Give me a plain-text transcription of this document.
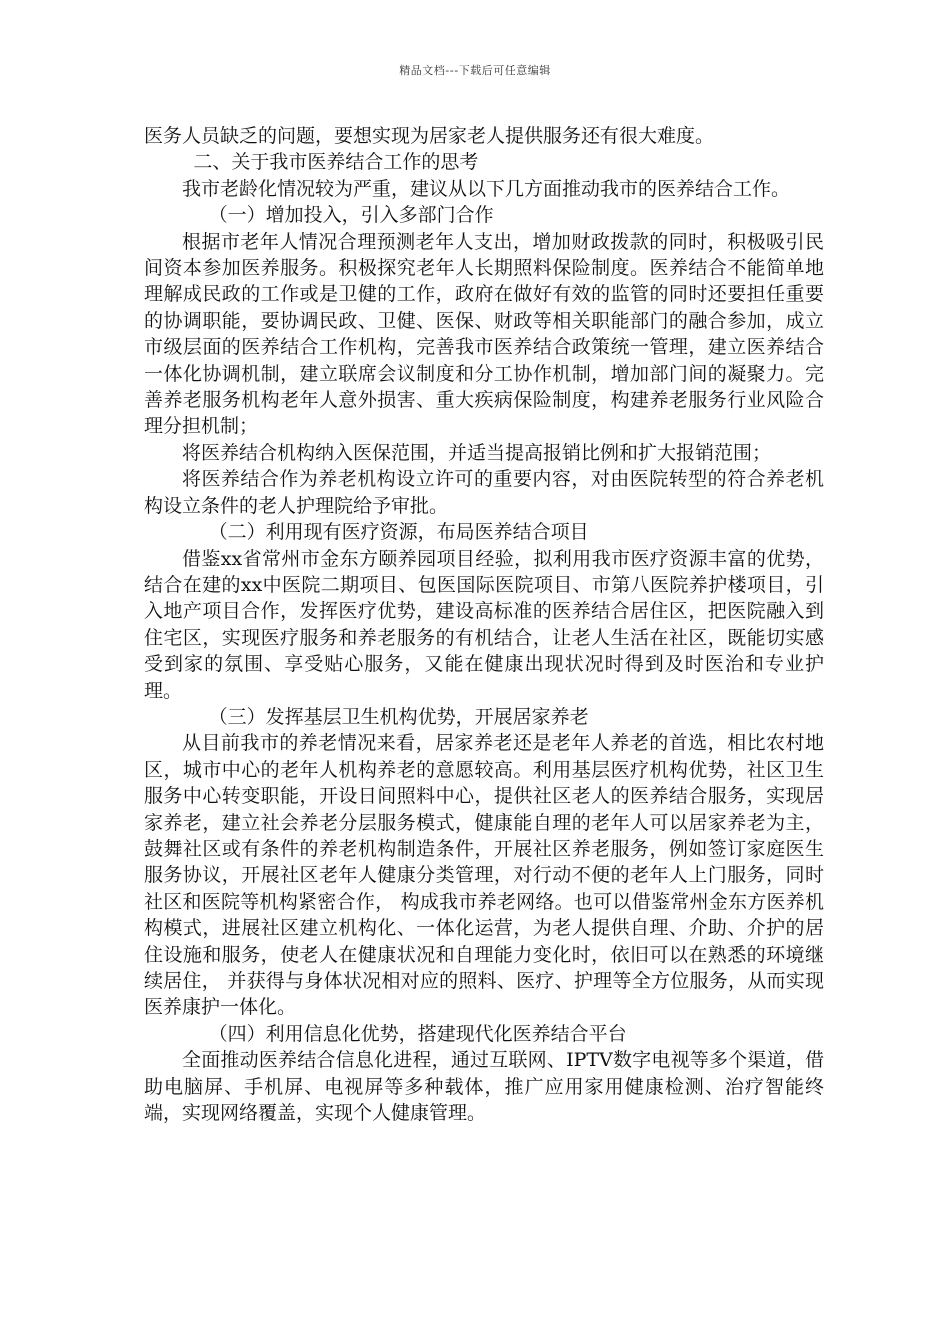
精品文档---下载后可任意编辑

医务人员缺乏的问题，要想实现为居家老人提供服务还有很大难度。

二、关于我市医养结合工作的思考

我市老龄化情况较为严重，建议从以下几方面推动我市的医养结合工作。

（一）增加投入，引入多部门合作

根据市老年人情况合理预测老年人支出，增加财政拨款的同时，积极吸引民间资本参加医养服务。积极探究老年人长期照料保险制度。医养结合不能简单地理解成民政的工作或是卫健的工作，政府在做好有效的监管的同时还要担任重要的协调职能，要协调民政、卫健、医保、财政等相关职能部门的融合参加，成立市级层面的医养结合工作机构，完善我市医养结合政策统一管理，建立医养结合一体化协调机制，建立联席会议制度和分工协作机制，增加部门间的凝聚力。完善养老服务机构老年人意外损害、重大疾病保险制度，构建养老服务行业风险合理分担机制；

将医养结合机构纳入医保范围，并适当提高报销比例和扩大报销范围；

将医养结合作为养老机构设立许可的重要内容，对由医院转型的符合养老机构设立条件的老人护理院给予审批。

（二）利用现有医疗资源，布局医养结合项目

借鉴xx省常州市金东方颐养园项目经验，拟利用我市医疗资源丰富的优势，结合在建的xx中医院二期项目、包医国际医院项目、市第八医院养护楼项目，引入地产项目合作，发挥医疗优势，建设高标准的医养结合居住区，把医院融入到住宅区，实现医疗服务和养老服务的有机结合，让老人生活在社区，既能切实感受到家的氛围、享受贴心服务，又能在健康出现状况时得到及时医治和专业护理。

（三）发挥基层卫生机构优势，开展居家养老

从目前我市的养老情况来看，居家养老还是老年人养老的首选，相比农村地区，城市中心的老年人机构养老的意愿较高。利用基层医疗机构优势，社区卫生服务中心转变职能，开设日间照料中心，提供社区老人的医养结合服务，实现居家养老，建立社会养老分层服务模式，健康能自理的老年人可以居家养老为主，鼓舞社区或有条件的养老机构制造条件，开展社区养老服务，例如签订家庭医生服务协议，开展社区老年人健康分类管理，对行动不便的老年人上门服务，同时社区和医院等机构紧密合作， 构成我市养老网络。也可以借鉴常州金东方医养机构模式，进展社区建立机构化、一体化运营，为老人提供自理、介助、介护的居住设施和服务，使老人在健康状况和自理能力变化时，依旧可以在熟悉的环境继续居住， 并获得与身体状况相对应的照料、医疗、护理等全方位服务，从而实现医养康护一体化。

（四）利用信息化优势，搭建现代化医养结合平台

全面推动医养结合信息化进程，通过互联网、IPTV数字电视等多个渠道，借助电脑屏、手机屏、电视屏等多种载体，推广应用家用健康检测、治疗智能终端，实现网络覆盖，实现个人健康管理。
